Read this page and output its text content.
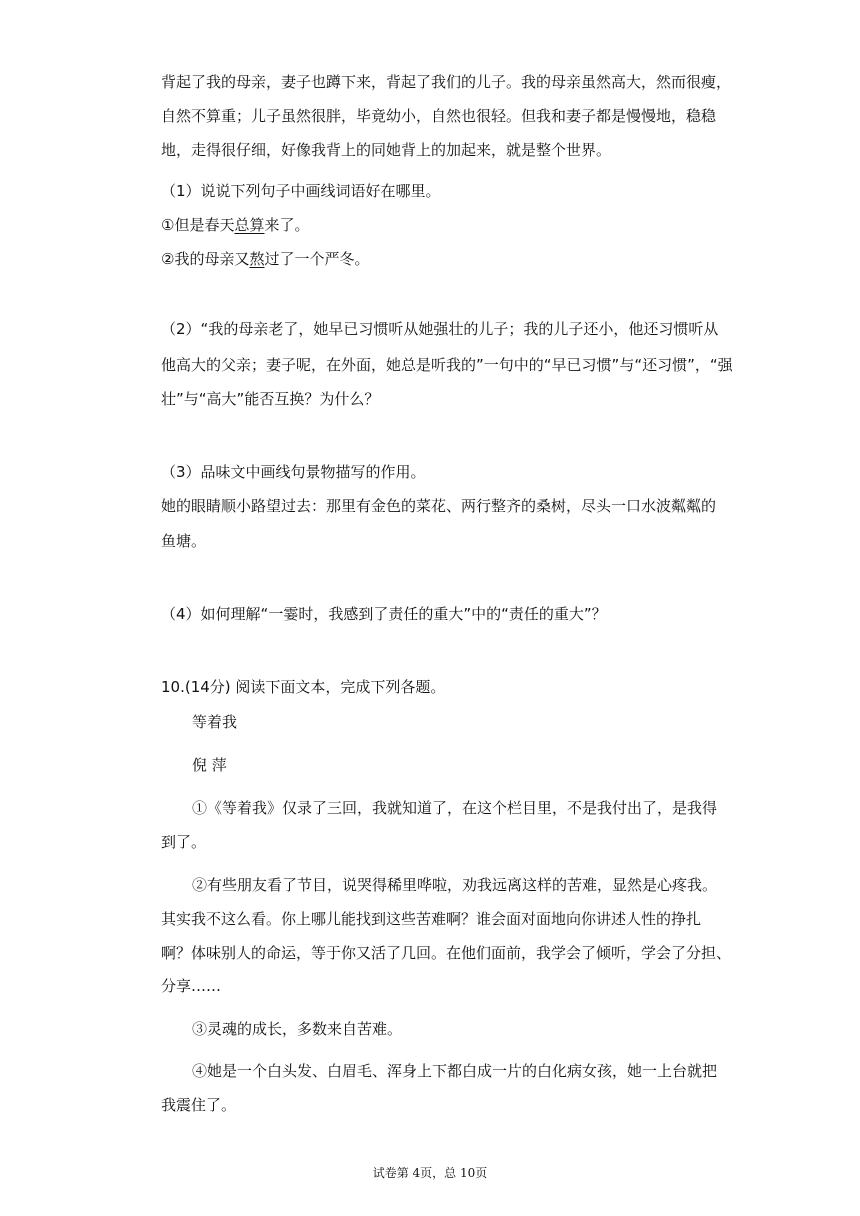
背起了我的母亲，妻子也蹲下来，背起了我们的儿子。我的母亲虽然高大，然而很瘦，

自然不算重；儿子虽然很胖，毕竟幼小，自然也很轻。但我和妻子都是慢慢地，稳稳

地，走得很仔细，好像我背上的同她背上的加起来，就是整个世界。

（1）说说下列句子中画线词语好在哪里。

①但是春天总算来了。

②我的母亲又熬过了一个严冬。

（2）“我的母亲老了，她早已习惯听从她强壮的儿子；我的儿子还小，他还习惯听从

他高大的父亲；妻子呢，在外面，她总是听我的”一句中的“早已习惯”与“还习惯”，“强

壮”与“高大”能否互换？为什么？

（3）品味文中画线句景物描写的作用。

她的眼睛顺小路望过去：那里有金色的菜花、两行整齐的桑树，尽头一口水波粼粼的

鱼塘。

（4）如何理解“一霎时，我感到了责任的重大”中的“责任的重大”？

10.(14分) 阅读下面文本，完成下列各题。

等着我

倪 萍

①《等着我》仅录了三回，我就知道了，在这个栏目里，不是我付出了，是我得

到了。

②有些朋友看了节目，说哭得稀里哗啦，劝我远离这样的苦难，显然是心疼我。

其实我不这么看。你上哪儿能找到这些苦难啊？谁会面对面地向你讲述人性的挣扎

啊？体味别人的命运，等于你又活了几回。在他们面前，我学会了倾听，学会了分担、

分享……

③灵魂的成长，多数来自苦难。

④她是一个白头发、白眉毛、浑身上下都白成一片的白化病女孩，她一上台就把

我震住了。

试卷第 4页，总 10页
